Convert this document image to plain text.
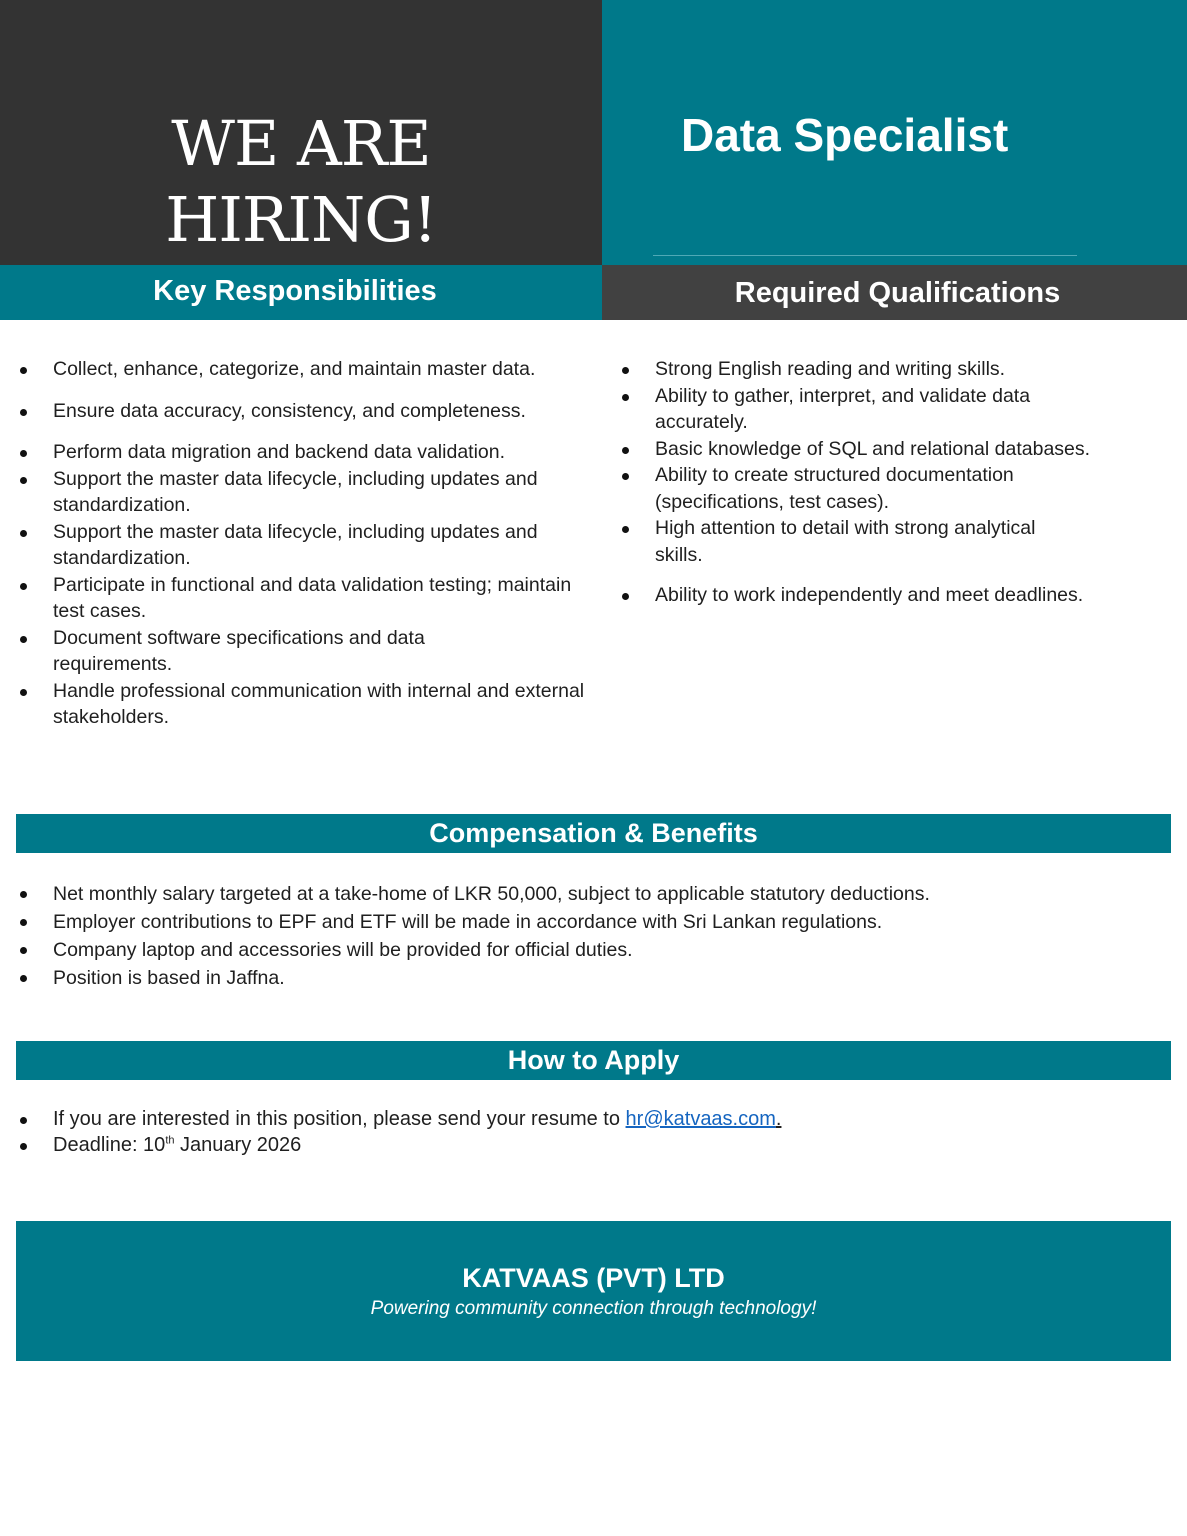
WE ARE
HIRING!
Data Specialist
Key Responsibilities	Required Qualifications
Collect, enhance, categorize, and maintain master data.
Ensure data accuracy, consistency, and completeness.
Perform data migration and backend data validation.
Support the master data lifecycle, including updates and standardization.
Support the master data lifecycle, including updates and standardization.
Participate in functional and data validation testing; maintain test cases.
Document software specifications and data requirements.
Handle professional communication with internal and external stakeholders.
Strong English reading and writing skills.
Ability to gather, interpret, and validate data accurately.
Basic knowledge of SQL and relational databases.
Ability to create structured documentation (specifications, test cases).
High attention to detail with strong analytical skills.
Ability to work independently and meet deadlines.
Compensation & Benefits
Net monthly salary targeted at a take-home of LKR 50,000, subject to applicable statutory deductions.
Employer contributions to EPF and ETF will be made in accordance with Sri Lankan regulations.
Company laptop and accessories will be provided for official duties.
Position is based in Jaffna.
How to Apply
If you are interested in this position, please send your resume to hr@katvaas.com.
Deadline: 10th January 2026
KATVAAS (PVT) LTD
Powering community connection through technology!
